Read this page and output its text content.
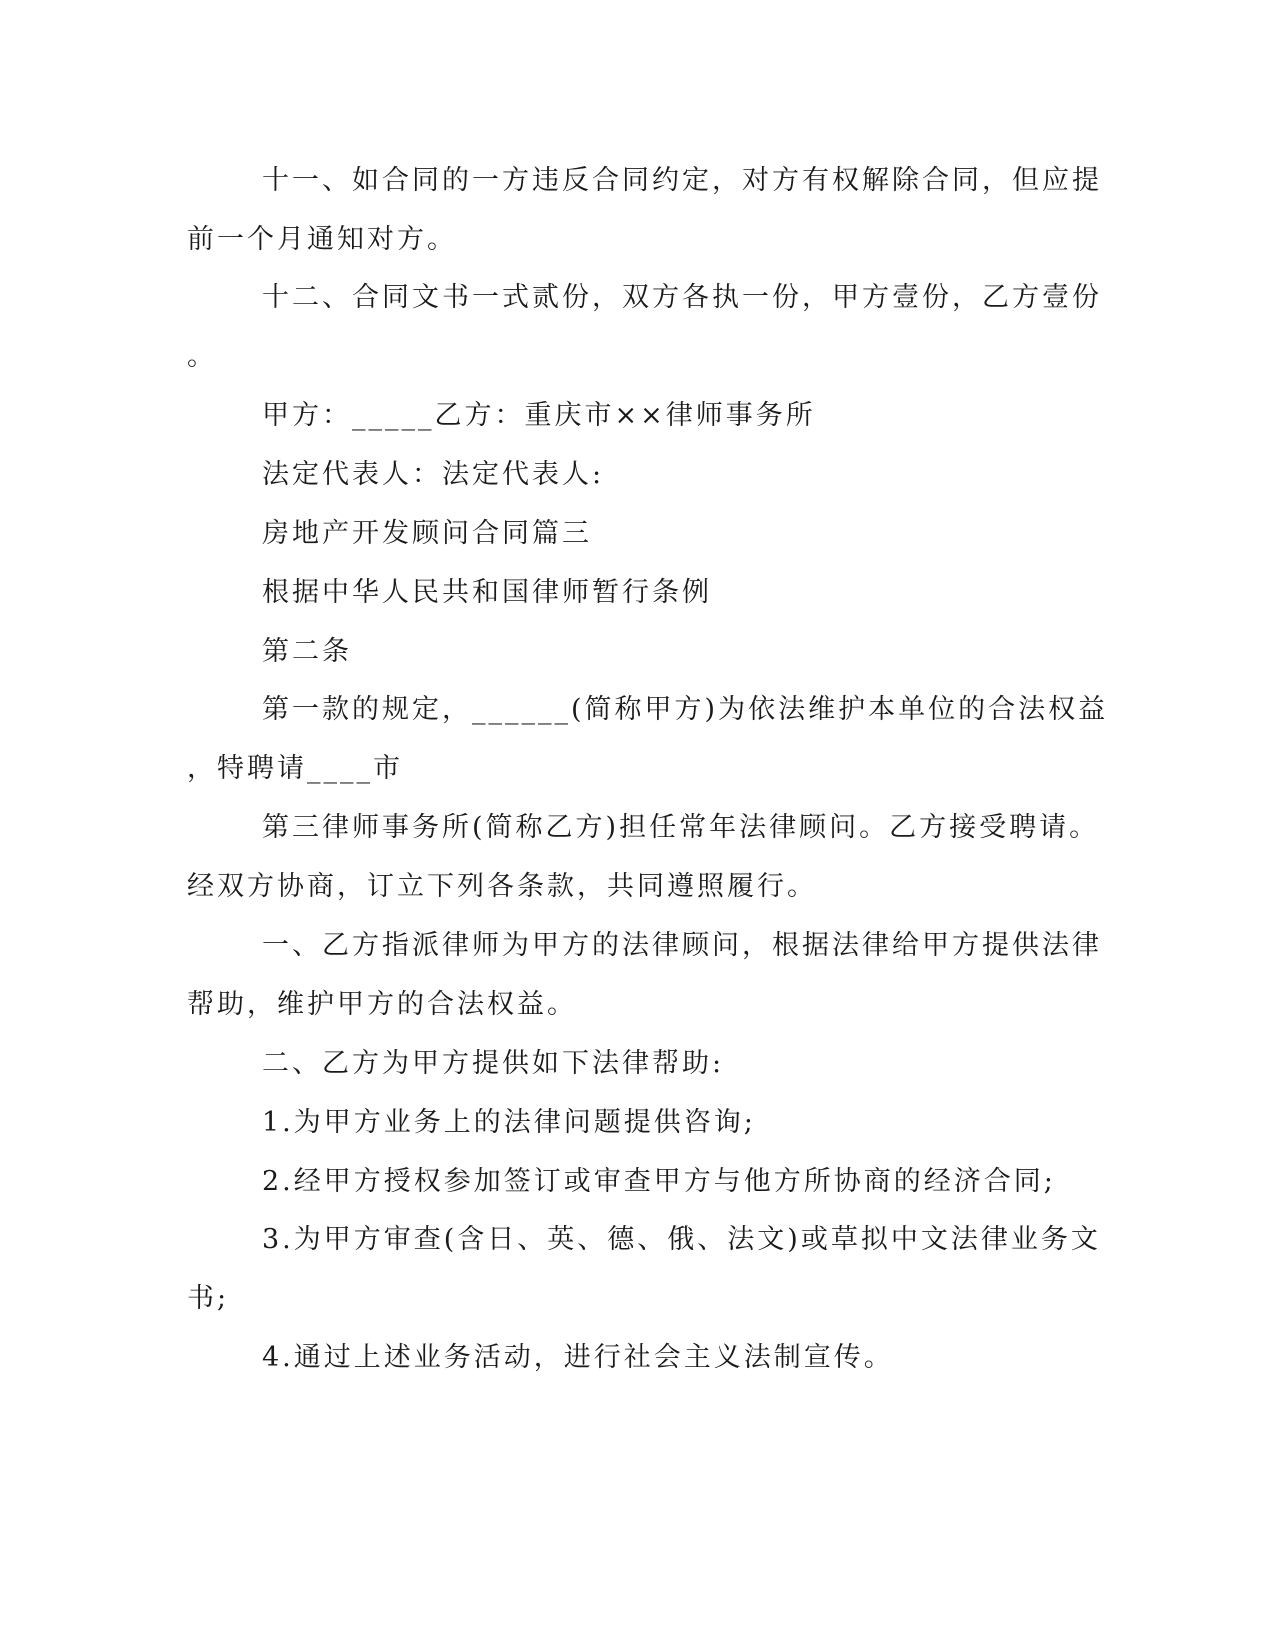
十一、如合同的一方违反合同约定，对方有权解除合同，但应提
前一个月通知对方。
十二、合同文书一式贰份，双方各执一份，甲方壹份，乙方壹份
。
甲方：_____乙方：重庆市××律师事务所
法定代表人：法定代表人:
房地产开发顾问合同篇三
根据中华人民共和国律师暂行条例
第二条
第一款的规定，______(简称甲方)为依法维护本单位的合法权益
，特聘请____市
第三律师事务所(简称乙方)担任常年法律顾问。乙方接受聘请。
经双方协商，订立下列各条款，共同遵照履行。
一、乙方指派律师为甲方的法律顾问，根据法律给甲方提供法律
帮助，维护甲方的合法权益。
二、乙方为甲方提供如下法律帮助:
1.为甲方业务上的法律问题提供咨询;
2.经甲方授权参加签订或审查甲方与他方所协商的经济合同;
3.为甲方审查(含日、英、德、俄、法文)或草拟中文法律业务文
书;
4.通过上述业务活动，进行社会主义法制宣传。
